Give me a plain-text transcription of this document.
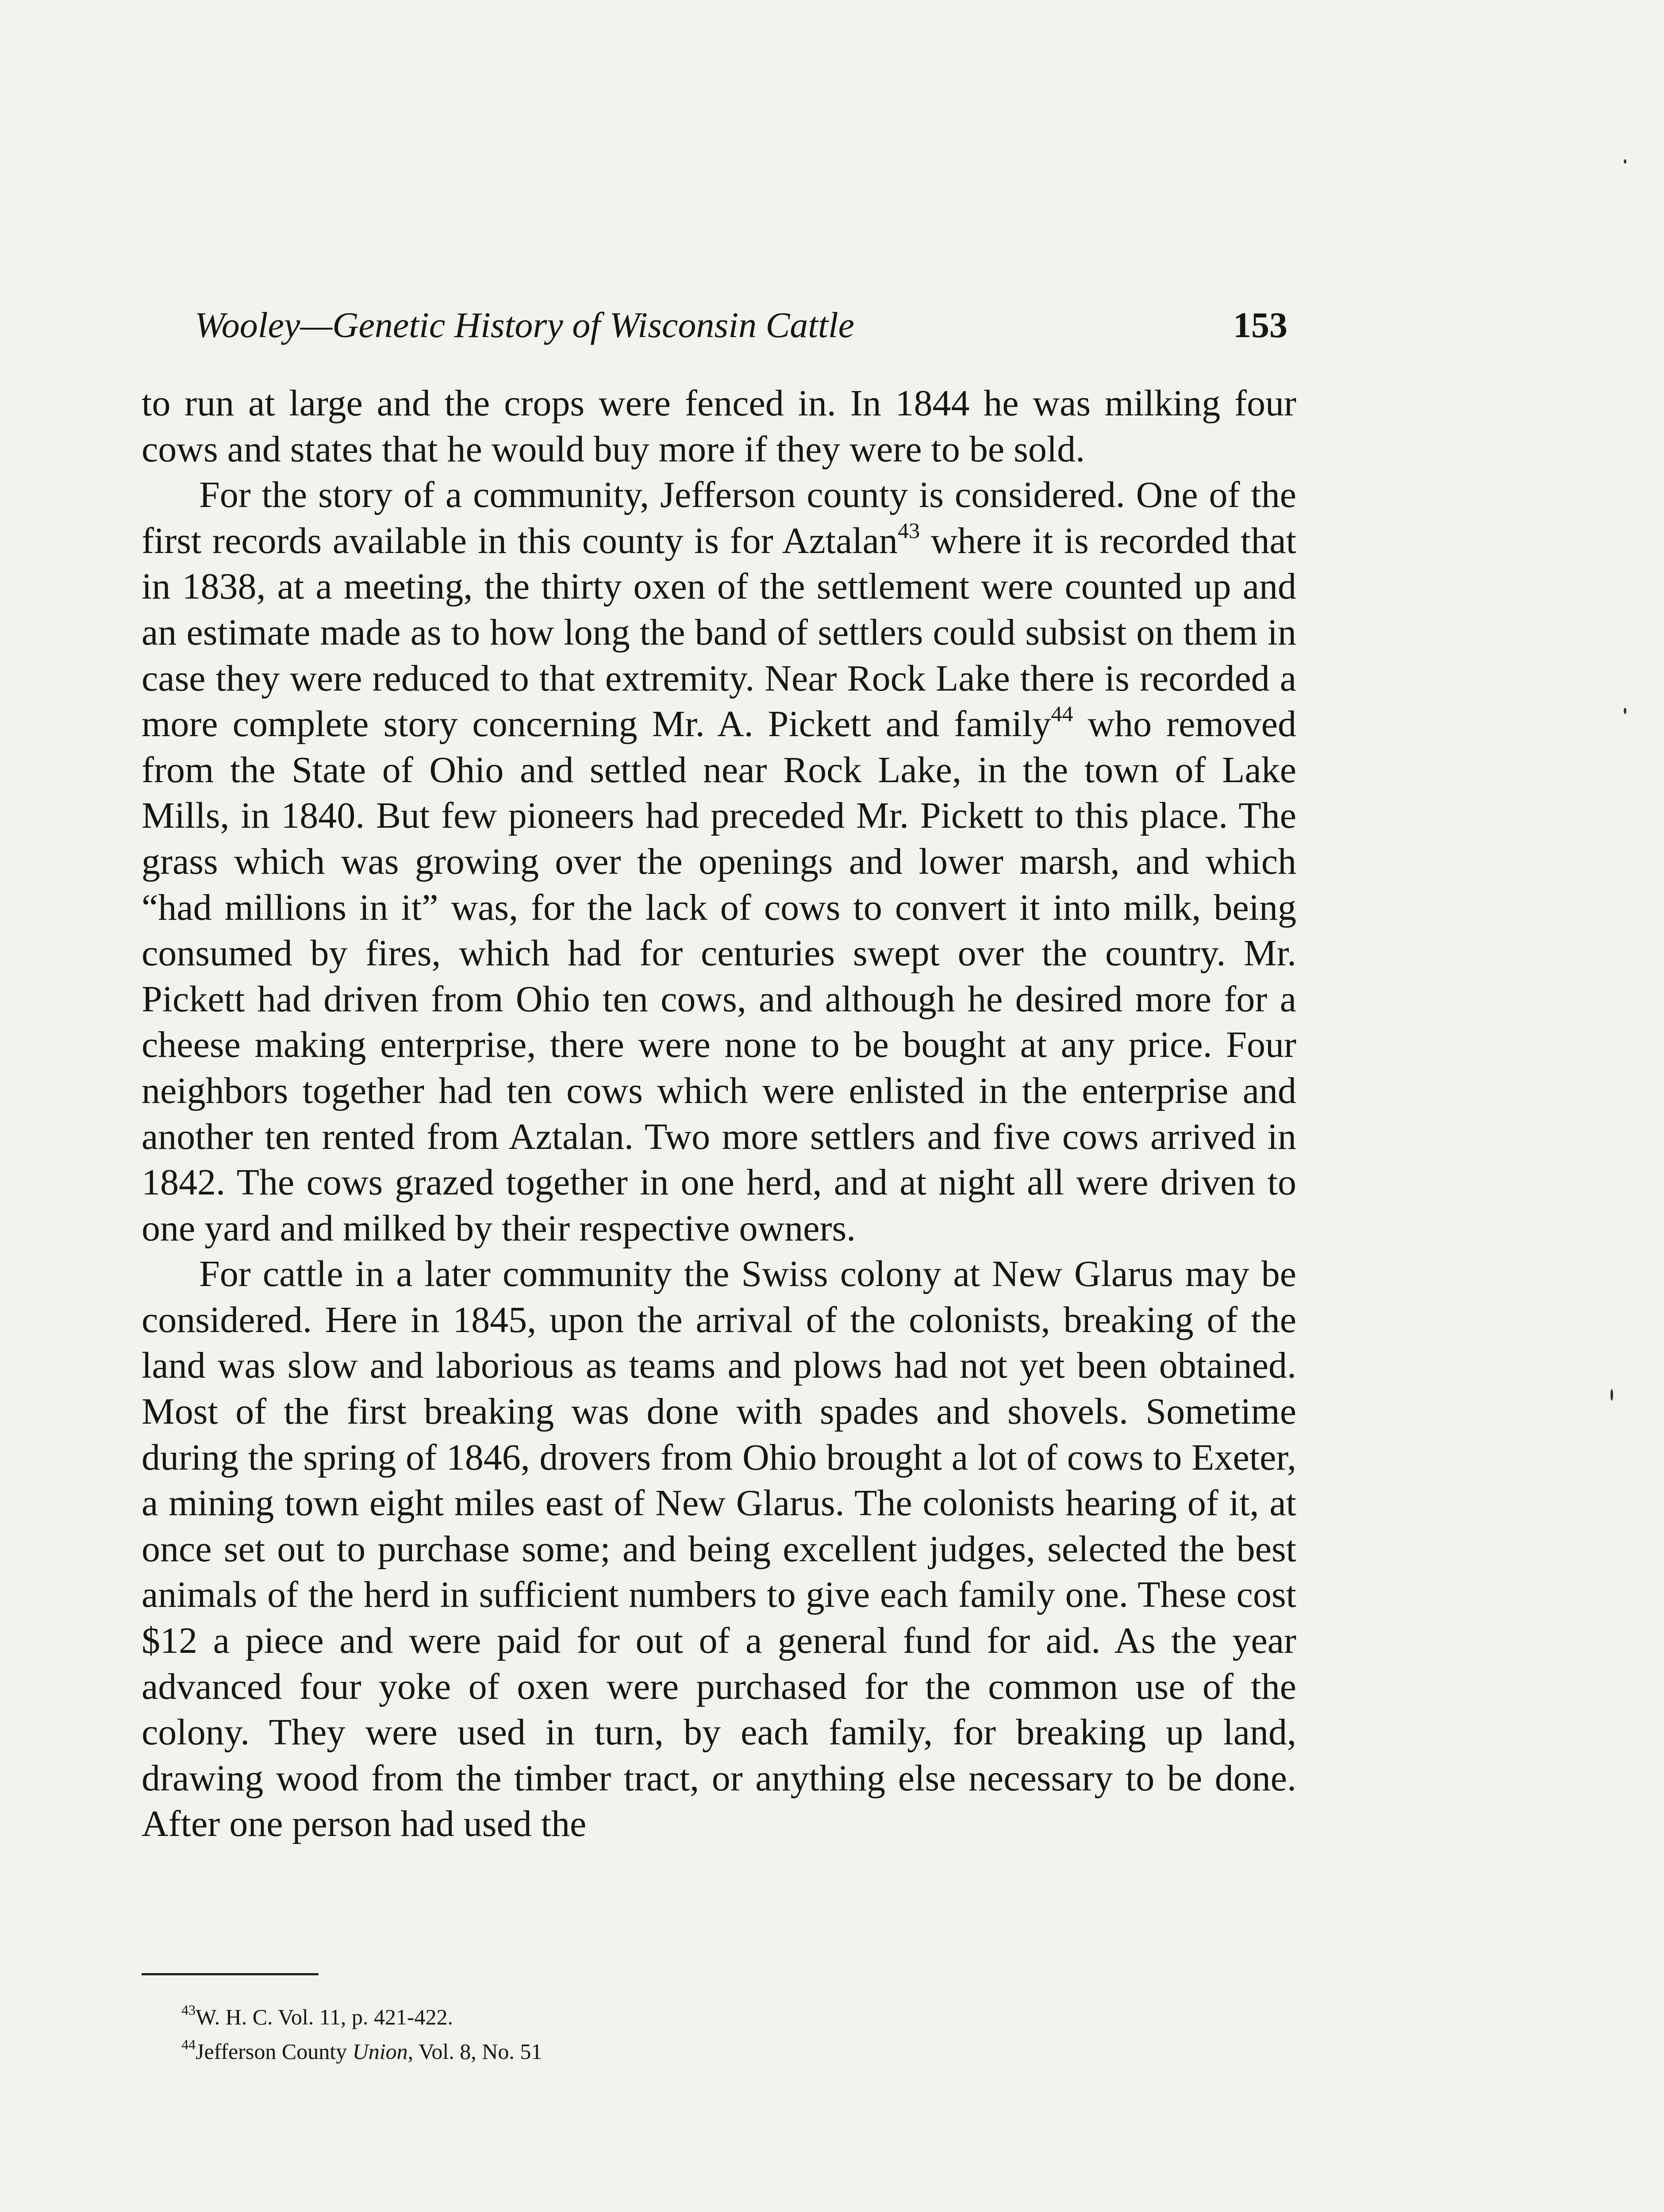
Wooley—Genetic History of Wisconsin Cattle	153

to run at large and the crops were fenced in. In 1844 he was milking four cows and states that he would buy more if they were to be sold.

For the story of a community, Jefferson county is considered. One of the first records available in this county is for Aztalan$^{43}$ where it is recorded that in 1838, at a meeting, the thirty oxen of the settlement were counted up and an estimate made as to how long the band of settlers could subsist on them in case they were reduced to that extremity. Near Rock Lake there is recorded a more complete story concerning Mr. A. Pickett and family$^{44}$ who removed from the State of Ohio and settled near Rock Lake, in the town of Lake Mills, in 1840. But few pioneers had preceded Mr. Pickett to this place. The grass which was growing over the openings and lower marsh, and which “had millions in it” was, for the lack of cows to convert it into milk, being consumed by fires, which had for centuries swept over the country. Mr. Pickett had driven from Ohio ten cows, and although he desired more for a cheese making enterprise, there were none to be bought at any price. Four neighbors together had ten cows which were enlisted in the enterprise and another ten rented from Aztalan. Two more settlers and five cows arrived in 1842. The cows grazed together in one herd, and at night all were driven to one yard and milked by their respective owners.

For cattle in a later community the Swiss colony at New Glarus may be considered. Here in 1845, upon the arrival of the colonists, breaking of the land was slow and laborious as teams and plows had not yet been obtained. Most of the first breaking was done with spades and shovels. Sometime during the spring of 1846, drovers from Ohio brought a lot of cows to Exeter, a mining town eight miles east of New Glarus. The colonists hearing of it, at once set out to purchase some; and being excellent judges, selected the best animals of the herd in sufficient numbers to give each family one. These cost $12 a piece and were paid for out of a general fund for aid. As the year advanced four yoke of oxen were purchased for the common use of the colony. They were used in turn, by each family, for breaking up land, drawing wood from the timber tract, or anything else necessary to be done. After one person had used the

$^{43}$W. H. C. Vol. 11, p. 421-422.
$^{44}$Jefferson County Union, Vol. 8, No. 51
